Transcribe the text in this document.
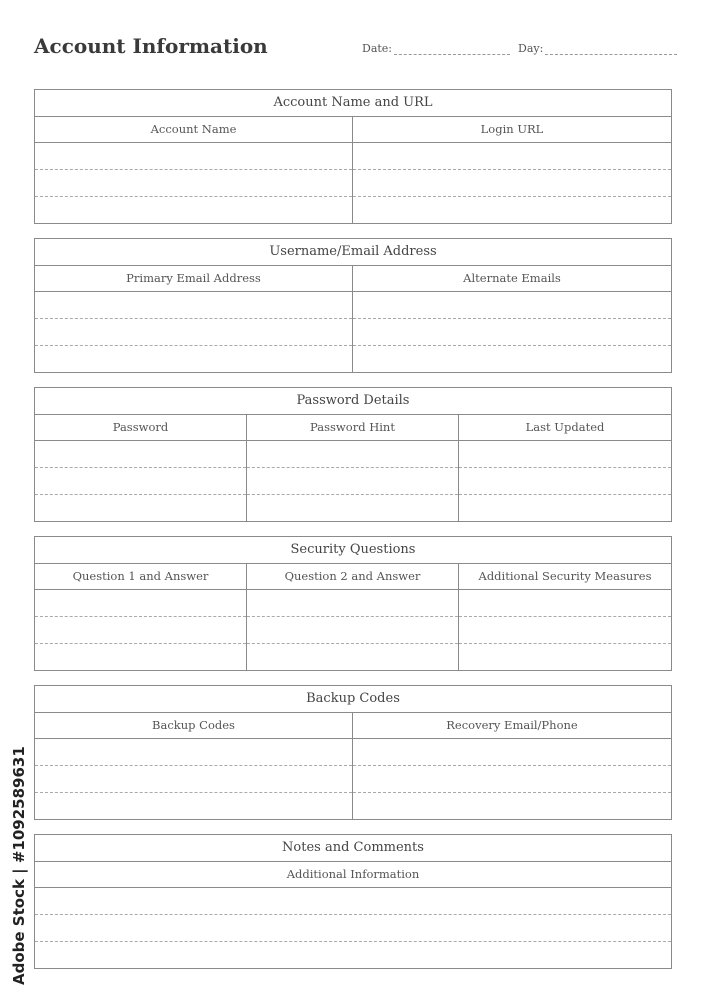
Account Information	Date:	Day:
Account Name and URL
Account Name	Login URL
Username/Email Address
Primary Email Address	Alternate Emails
Password Details
Password	Password Hint	Last Updated
Security Questions
Question 1 and Answer	Question 2 and Answer	Additional Security Measures
Backup Codes
Backup Codes	Recovery Email/Phone
Notes and Comments
Additional Information
Adobe Stock | #1092589631
